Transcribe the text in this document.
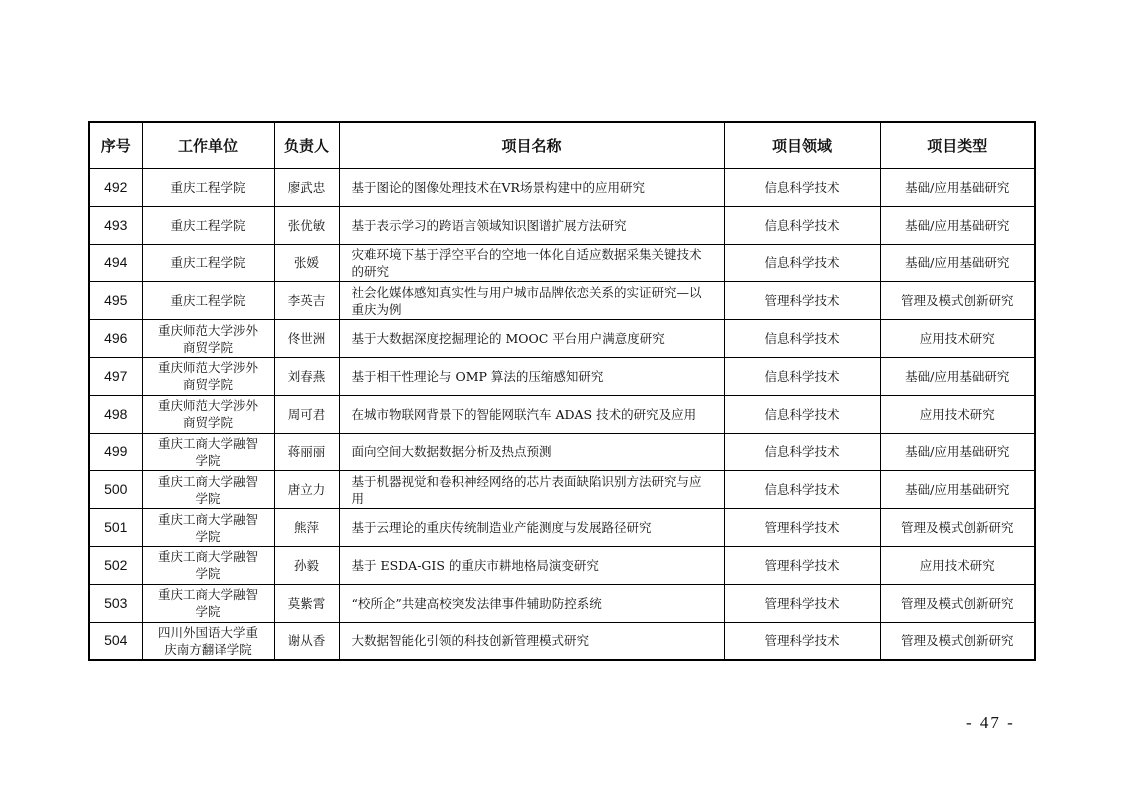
序号	工作单位	负责人	项目名称	项目领域	项目类型

492	重庆工程学院	廖武忠	基于图论的图像处理技术在VR场景构建中的应用研究	信息科学技术	基础/应用基础研究

493	重庆工程学院	张优敏	基于表示学习的跨语言领域知识图谱扩展方法研究	信息科学技术	基础/应用基础研究

494	重庆工程学院	张媛	灾难环境下基于浮空平台的空地一体化自适应数据采集关键技术的研究	信息科学技术	基础/应用基础研究

495	重庆工程学院	李英吉	社会化媒体感知真实性与用户城市品牌依恋关系的实证研究—以重庆为例	管理科学技术	管理及模式创新研究

496	重庆师范大学涉外商贸学院	佟世洲	基于大数据深度挖掘理论的 MOOC 平台用户满意度研究	信息科学技术	应用技术研究

497	重庆师范大学涉外商贸学院	刘春燕	基于相干性理论与 OMP 算法的压缩感知研究	信息科学技术	基础/应用基础研究

498	重庆师范大学涉外商贸学院	周可君	在城市物联网背景下的智能网联汽车 ADAS 技术的研究及应用	信息科学技术	应用技术研究

499	重庆工商大学融智学院	蒋丽丽	面向空间大数据数据分析及热点预测	信息科学技术	基础/应用基础研究

500	重庆工商大学融智学院	唐立力	基于机器视觉和卷积神经网络的芯片表面缺陷识别方法研究与应用	信息科学技术	基础/应用基础研究

501	重庆工商大学融智学院	熊萍	基于云理论的重庆传统制造业产能测度与发展路径研究	管理科学技术	管理及模式创新研究

502	重庆工商大学融智学院	孙毅	基于 ESDA-GIS 的重庆市耕地格局演变研究	管理科学技术	应用技术研究

503	重庆工商大学融智学院	莫紫霄	“校所企”共建高校突发法律事件辅助防控系统	管理科学技术	管理及模式创新研究

504	四川外国语大学重庆南方翻译学院	谢从香	大数据智能化引领的科技创新管理模式研究	管理科学技术	管理及模式创新研究
- 47 -
